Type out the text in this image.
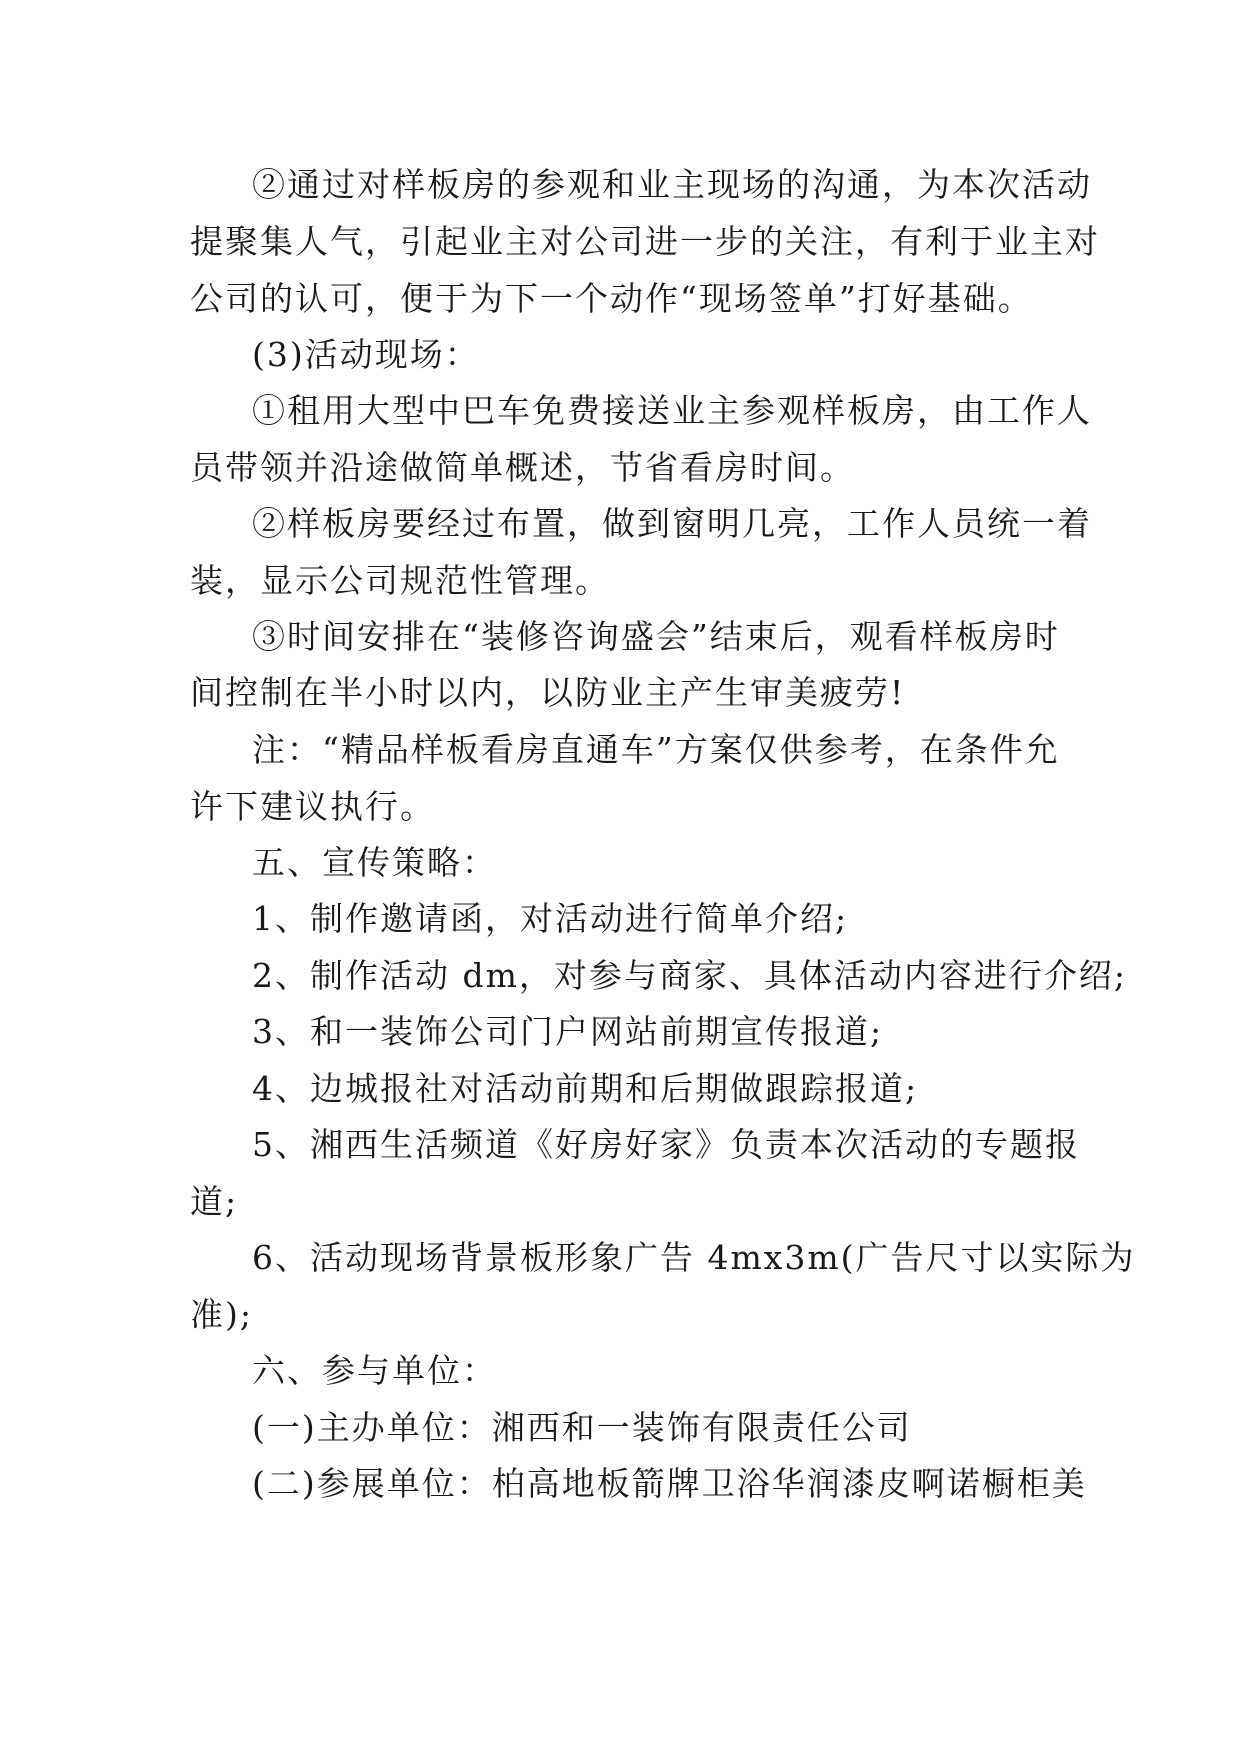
②通过对样板房的参观和业主现场的沟通，为本次活动
提聚集人气，引起业主对公司进一步的关注，有利于业主对
公司的认可，便于为下一个动作“现场签单”打好基础。
(3)活动现场：
①租用大型中巴车免费接送业主参观样板房，由工作人
员带领并沿途做简单概述，节省看房时间。
②样板房要经过布置，做到窗明几亮，工作人员统一着
装，显示公司规范性管理。
③时间安排在“装修咨询盛会”结束后，观看样板房时
间控制在半小时以内，以防业主产生审美疲劳!
注：“精品样板看房直通车”方案仅供参考，在条件允
许下建议执行。
五、宣传策略：
1、制作邀请函，对活动进行简单介绍;
2、制作活动 dm，对参与商家、具体活动内容进行介绍;
3、和一装饰公司门户网站前期宣传报道;
4、边城报社对活动前期和后期做跟踪报道;
5、湘西生活频道《好房好家》负责本次活动的专题报
道;
6、活动现场背景板形象广告 4mx3m(广告尺寸以实际为
准);
六、参与单位：
(一)主办单位：湘西和一装饰有限责任公司
(二)参展单位：柏高地板箭牌卫浴华润漆皮啊诺橱柜美
